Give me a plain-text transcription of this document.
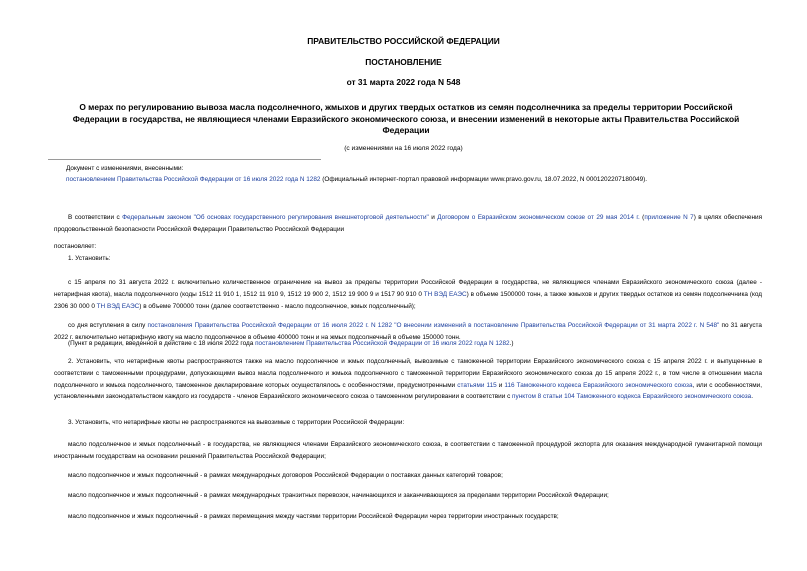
ПРАВИТЕЛЬСТВО РОССИЙСКОЙ ФЕДЕРАЦИИ
ПОСТАНОВЛЕНИЕ
от 31 марта 2022 года N 548
О мерах по регулированию вывоза масла подсолнечного, жмыхов и других твердых остатков из семян подсолнечника за пределы территории Российской Федерации в государства, не являющиеся членами Евразийского экономического союза, и внесении изменений в некоторые акты Правительства Российской Федерации
(с изменениями на 16 июля 2022 года)
Документ с изменениями, внесенными:
постановлением Правительства Российской Федерации от 16 июля 2022 года N 1282 (Официальный интернет-портал правовой информации www.pravo.gov.ru, 18.07.2022, N 0001202207180049).
В соответствии с Федеральным законом "Об основах государственного регулирования внешнеторговой деятельности" и Договором о Евразийском экономическом союзе от 29 мая 2014 г. (приложение N 7) в целях обеспечения продовольственной безопасности Российской Федерации Правительство Российской Федерации
постановляет:
1. Установить:
с 15 апреля по 31 августа 2022 г. включительно количественное ограничение на вывоз за пределы территории Российской Федерации в государства, не являющиеся членами Евразийского экономического союза (далее - нетарифная квота), масла подсолнечного (коды 1512 11 910 1, 1512 11 910 9, 1512 19 900 2, 1512 19 900 9 и 1517 90 910 0 ТН ВЭД ЕАЭС) в объеме 1500000 тонн, а также жмыхов и других твердых остатков из семян подсолнечника (код 2306 30 000 0 ТН ВЭД ЕАЭС) в объеме 700000 тонн (далее соответственно - масло подсолнечное, жмых подсолнечный);
со дня вступления в силу постановления Правительства Российской Федерации от 16 июля 2022 г. N 1282 "О внесении изменений в постановление Правительства Российской Федерации от 31 марта 2022 г. N 548" по 31 августа 2022 г. включительно нетарифную квоту на масло подсолнечное в объеме 400000 тонн и на жмых подсолнечный в объеме 150000 тонн.
(Пункт в редакции, введенной в действие с 18 июля 2022 года постановлением Правительства Российской Федерации от 16 июля 2022 года N 1282.)
2. Установить, что нетарифные квоты распространяются также на масло подсолнечное и жмых подсолнечный, вывозимые с таможенной территории Евразийского экономического союза с 15 апреля 2022 г. и выпущенные в соответствии с таможенными процедурами, допускающими вывоз масла подсолнечного и жмыха подсолнечного с таможенной территории Евразийского экономического союза до 15 апреля 2022 г., в том числе в отношении масла подсолнечного и жмыха подсолнечного, таможенное декларирование которых осуществлялось с особенностями, предусмотренными статьями 115 и 116 Таможенного кодекса Евразийского экономического союза, или с особенностями, установленными законодательством каждого из государств - членов Евразийского экономического союза о таможенном регулировании в соответствии с пунктом 8 статьи 104 Таможенного кодекса Евразийского экономического союза.
3. Установить, что нетарифные квоты не распространяются на вывозимые с территории Российской Федерации:
масло подсолнечное и жмых подсолнечный - в государства, не являющиеся членами Евразийского экономического союза, в соответствии с таможенной процедурой экспорта для оказания международной гуманитарной помощи иностранным государствам на основании решений Правительства Российской Федерации;
масло подсолнечное и жмых подсолнечный - в рамках международных договоров Российской Федерации о поставках данных категорий товаров;
масло подсолнечное и жмых подсолнечный - в рамках международных транзитных перевозок, начинающихся и заканчивающихся за пределами территории Российской Федерации;
масло подсолнечное и жмых подсолнечный - в рамках перемещения между частями территории Российской Федерации через территории иностранных государств;
